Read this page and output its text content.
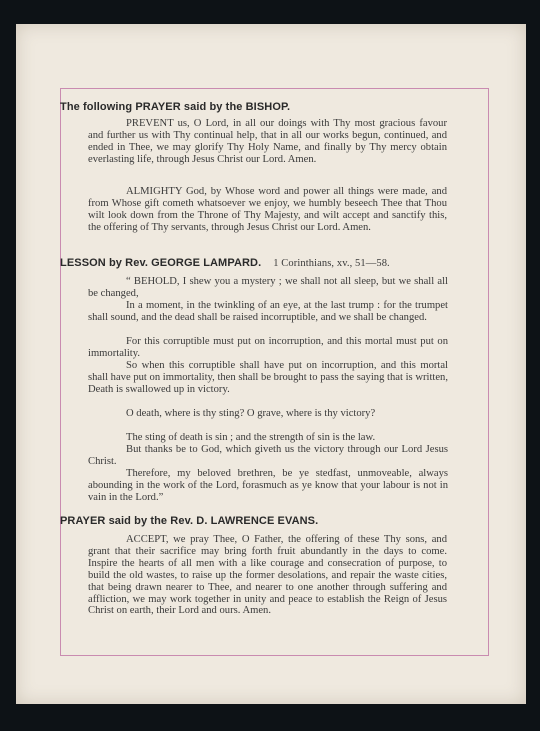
The following PRAYER said by the BISHOP.

PREVENT us, O Lord, in all our doings with Thy most gracious favour and further us with Thy continual help, that in all our works begun, continued, and ended in Thee, we may glorify Thy Holy Name, and finally by Thy mercy obtain everlasting life, through Jesus Christ our Lord. Amen.

ALMIGHTY God, by Whose word and power all things were made, and from Whose gift cometh whatsoever we enjoy, we humbly beseech Thee that Thou wilt look down from the Throne of Thy Majesty, and wilt accept and sanctify this, the offering of Thy servants, through Jesus Christ our Lord. Amen.

LESSON by Rev. GEORGE LAMPARD. 1 Corinthians, xv., 51—58.

“ BEHOLD, I shew you a mystery ; we shall not all sleep, but we shall all be changed,

In a moment, in the twinkling of an eye, at the last trump : for the trumpet shall sound, and the dead shall be raised incorruptible, and we shall be changed.

For this corruptible must put on incorruption, and this mortal must put on immortality.

So when this corruptible shall have put on incorruption, and this mortal shall have put on immortality, then shall be brought to pass the saying that is written, Death is swallowed up in victory.

O death, where is thy sting? O grave, where is thy victory?

The sting of death is sin ; and the strength of sin is the law.

But thanks be to God, which giveth us the victory through our Lord Jesus Christ.

Therefore, my beloved brethren, be ye stedfast, unmoveable, always abounding in the work of the Lord, forasmuch as ye know that your labour is not in vain in the Lord.”

PRAYER said by the Rev. D. LAWRENCE EVANS.

ACCEPT, we pray Thee, O Father, the offering of these Thy sons, and grant that their sacrifice may bring forth fruit abundantly in the days to come. Inspire the hearts of all men with a like courage and consecration of purpose, to build the old wastes, to raise up the former desolations, and repair the waste cities, that being drawn nearer to Thee, and nearer to one another through suffering and affliction, we may work together in unity and peace to establish the Reign of Jesus Christ on earth, their Lord and ours. Amen.
